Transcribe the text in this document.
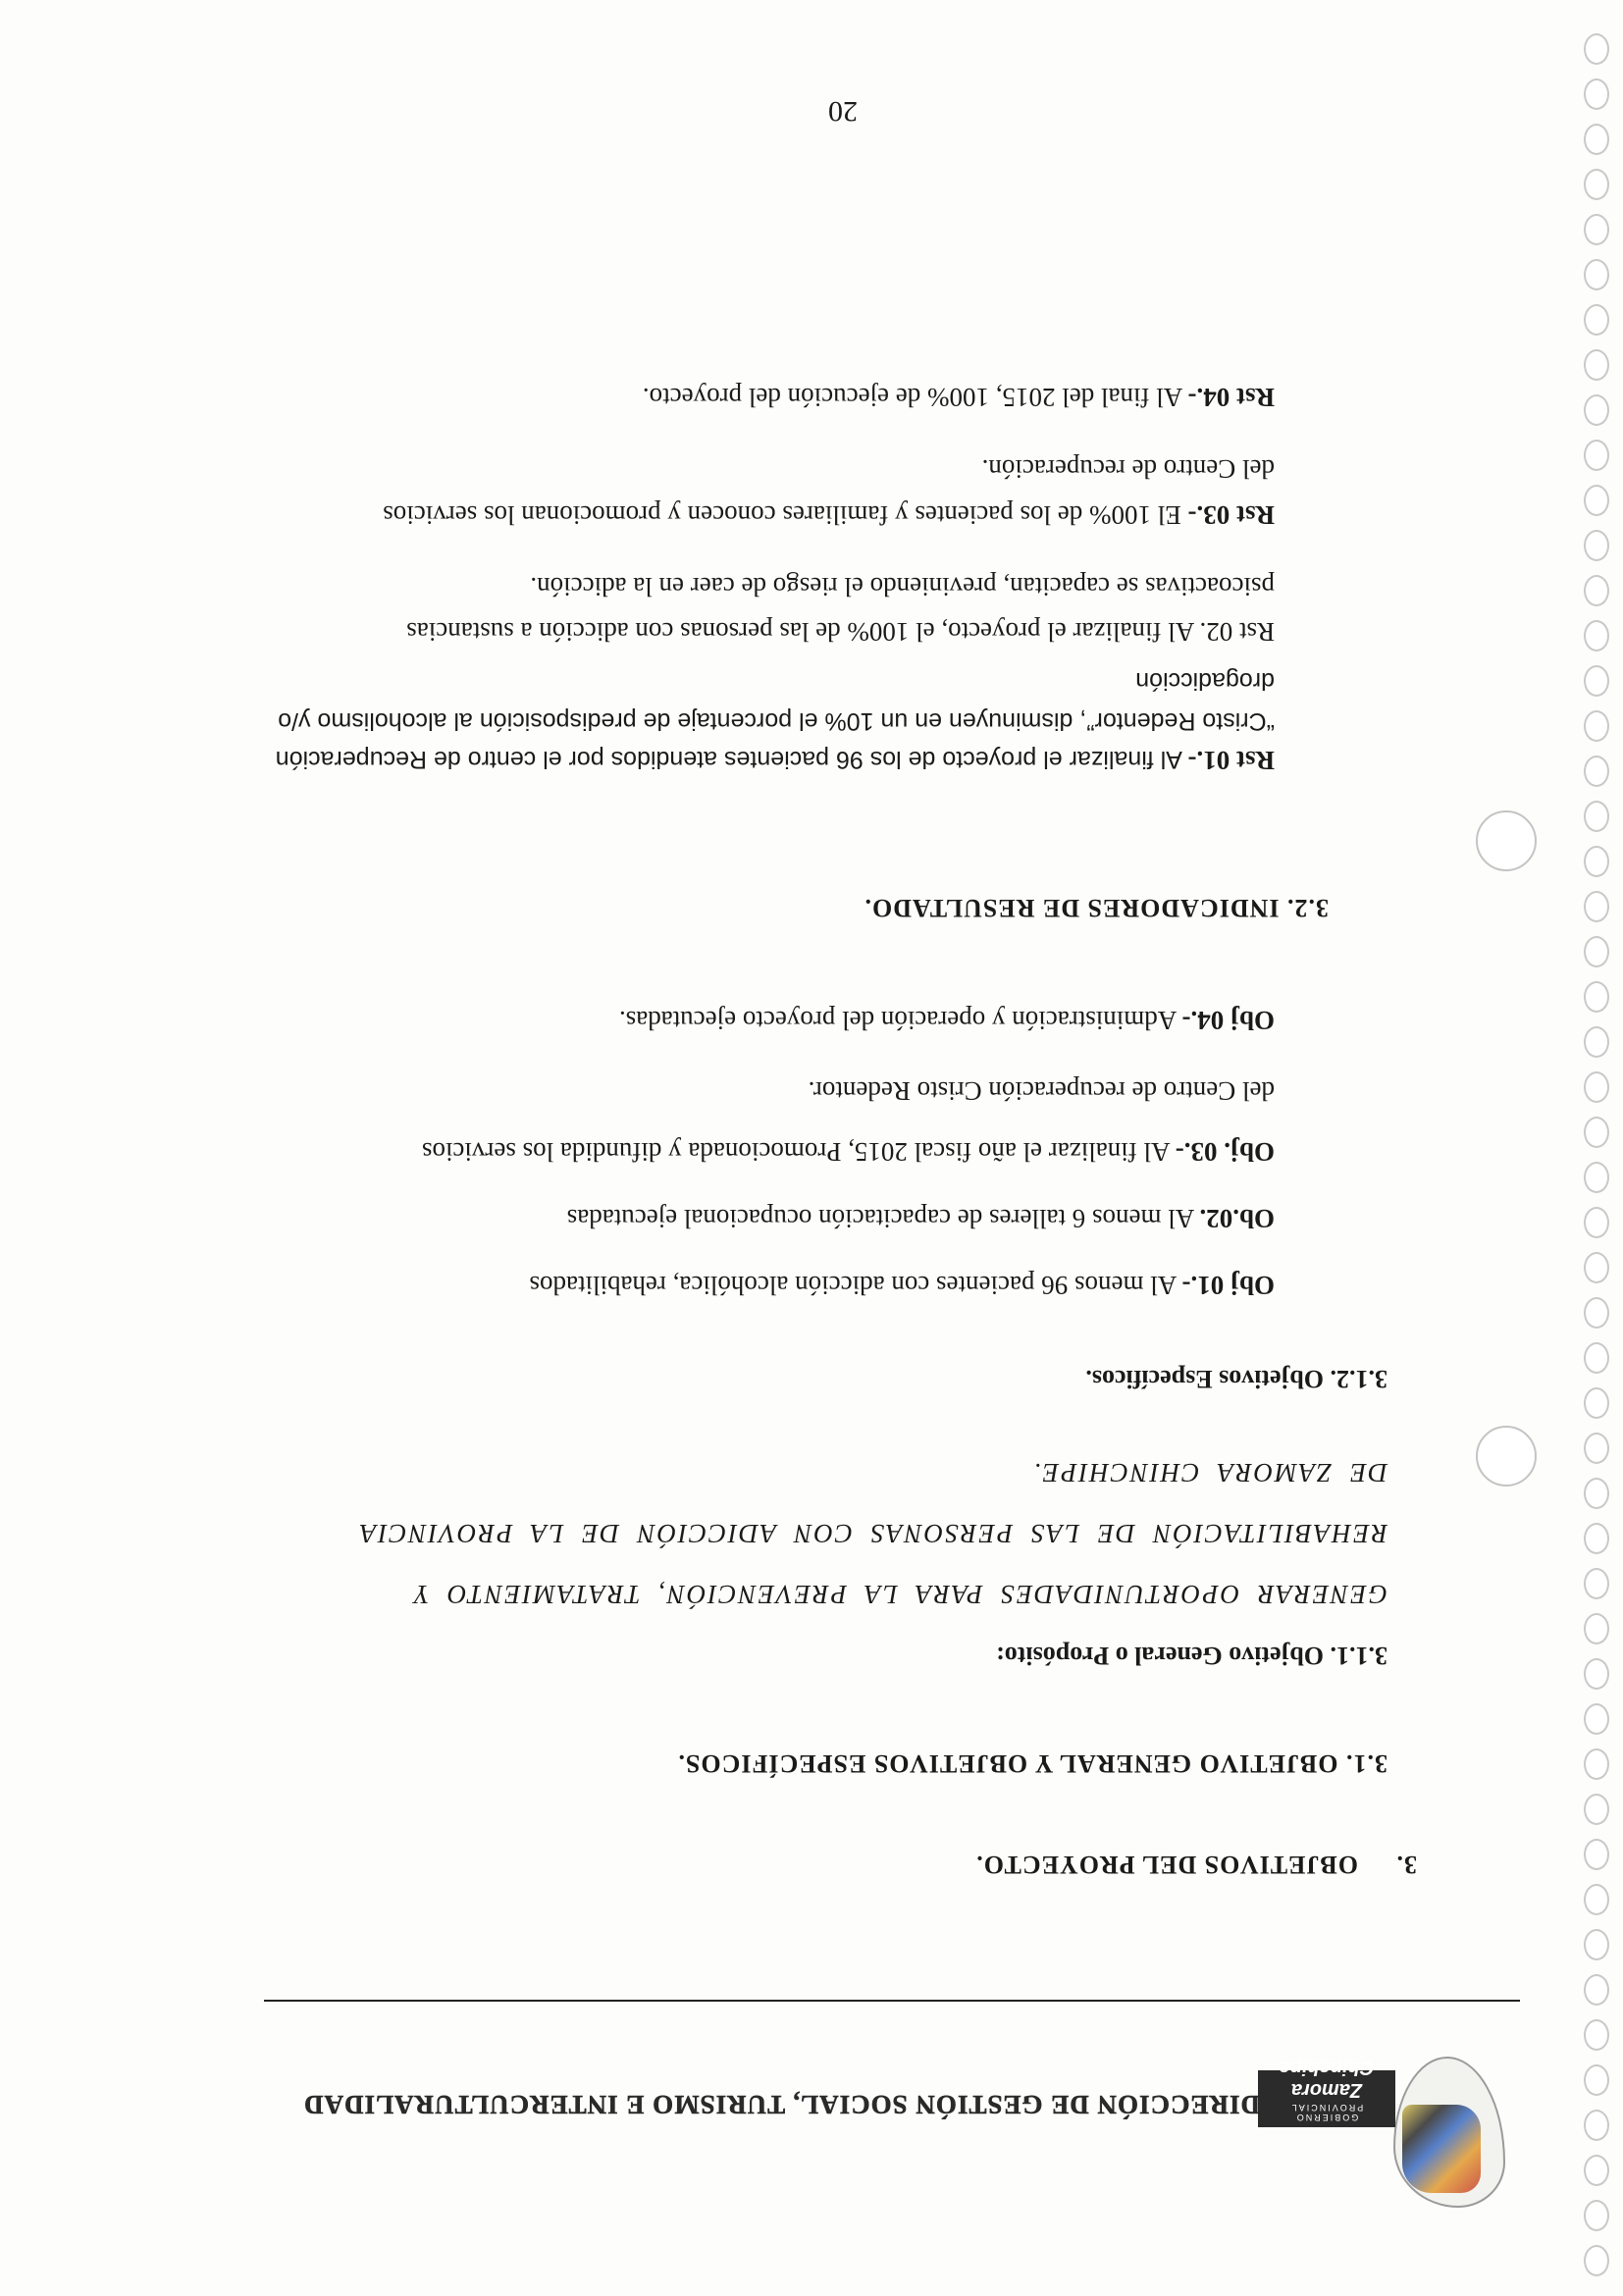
GOBIERNO PROVINCIAL
Zamora Chinchipe
DIRECCIÓN DE GESTIÓN SOCIAL, TURISMO E INTERCULTURALIDAD
3.OBJETIVOS DEL PROYECTO.
3.1. OBJETIVO GENERAL Y OBJETIVOS ESPECÍFICOS.
3.1.1. Objetivo General o Propósito:
GENERAR OPORTUNIDADES PARA LA PREVENCIÓN, TRATAMIENTO Y
REHABILITACIÓN DE LAS PERSONAS CON ADICCIÓN DE LA PROVINCIA
DE ZAMORA CHINCHIPE.
3.1.2. Objetivos Específicos.
Obj 01.- Al menos 96 pacientes con adicción alcohólica, rehabilitados
Ob.02. Al menos 6 talleres de capacitación ocupacional ejecutadas
Obj. 03.- Al finalizar el año fiscal 2015, Promocionada y difundida los servicios
del Centro de recuperación Cristo Redentor.
Obj 04.- Administración y operación del proyecto ejecutadas.
3.2. INDICADORES DE RESULTADO.
Rst 01.- Al finalizar el proyecto de los 96 pacientes atendidos por el centro de Recuperación
“Cristo Redentor”, disminuyen en un 10% el porcentaje de predisposición al alcoholismo y/o
drogadicción
Rst 02. Al finalizar el proyecto, el 100% de las personas con adicción a sustancias
psicoactivas se capacitan, previniendo el riesgo de caer en la adicción.
Rst 03.- El 100% de los pacientes y familiares conocen y promocionan los servicios
del Centro de recuperación.
Rst 04.- Al final del 2015, 100% de ejecución del proyecto.
20
